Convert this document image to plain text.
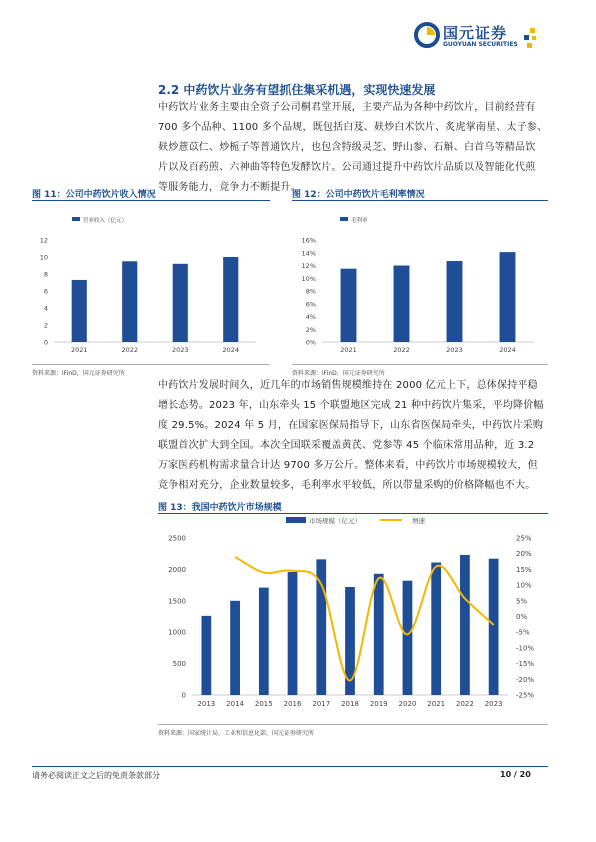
国元证券
GUOYUAN SECURITIES
2.2 中药饮片业务有望抓住集采机遇，实现快速发展
中药饮片业务主要由全资子公司桐君堂开展，主要产品为各种中药饮片，目前经营有
700 多个品种、1100 多个品规，既包括白芨、麸炒白术饮片、炙虎掌南星、太子参、
麸炒薏苡仁、炒栀子等普通饮片，也包含特级灵芝、野山参、石斛、白首乌等精品饮
片以及百药煎、六神曲等特色发酵饮片。公司通过提升中药饮片品质以及智能化代煎
等服务能力，竞争力不断提升。
图 11：公司中药饮片收入情况	图 12：公司中药饮片毛利率情况
营业收入（亿元）
0
2
4
6
8
10
12
2021	2022	2023	2024
毛利率
0%
2%
4%
6%
8%
10%
12%
14%
16%
2021	2022	2023	2024
资料来源：iFinD，国元证券研究所	资料来源：iFinD，国元证券研究所
中药饮片发展时间久，近几年的市场销售规模维持在 2000 亿元上下，总体保持平稳
增长态势。2023 年，山东牵头 15 个联盟地区完成 21 种中药饮片集采，平均降价幅
度 29.5%。2024 年 5 月，在国家医保局指导下，山东省医保局牵头，中药饮片采购
联盟首次扩大到全国。本次全国联采覆盖黄芪、党参等 45 个临床常用品种，近 3.2
万家医药机构需求量合计达 9700 多万公斤。整体来看，中药饮片市场规模较大，但
竞争相对充分，企业数量较多，毛利率水平较低，所以带量采购的价格降幅也不大。
图 13：我国中药饮片市场规模
市场规模（亿元）	增速
0
500
1000
1500
2000
2500
-25%
-20%
-15%
-10%
-5%
0%
5%
10%
15%
20%
25%
2013 2014 2015 2016 2017 2018 2019 2020 2021 2022 2023
资料来源：国家统计局，工业和信息化部，国元证券研究所
请务必阅读正文之后的免责条款部分	10 / 20
